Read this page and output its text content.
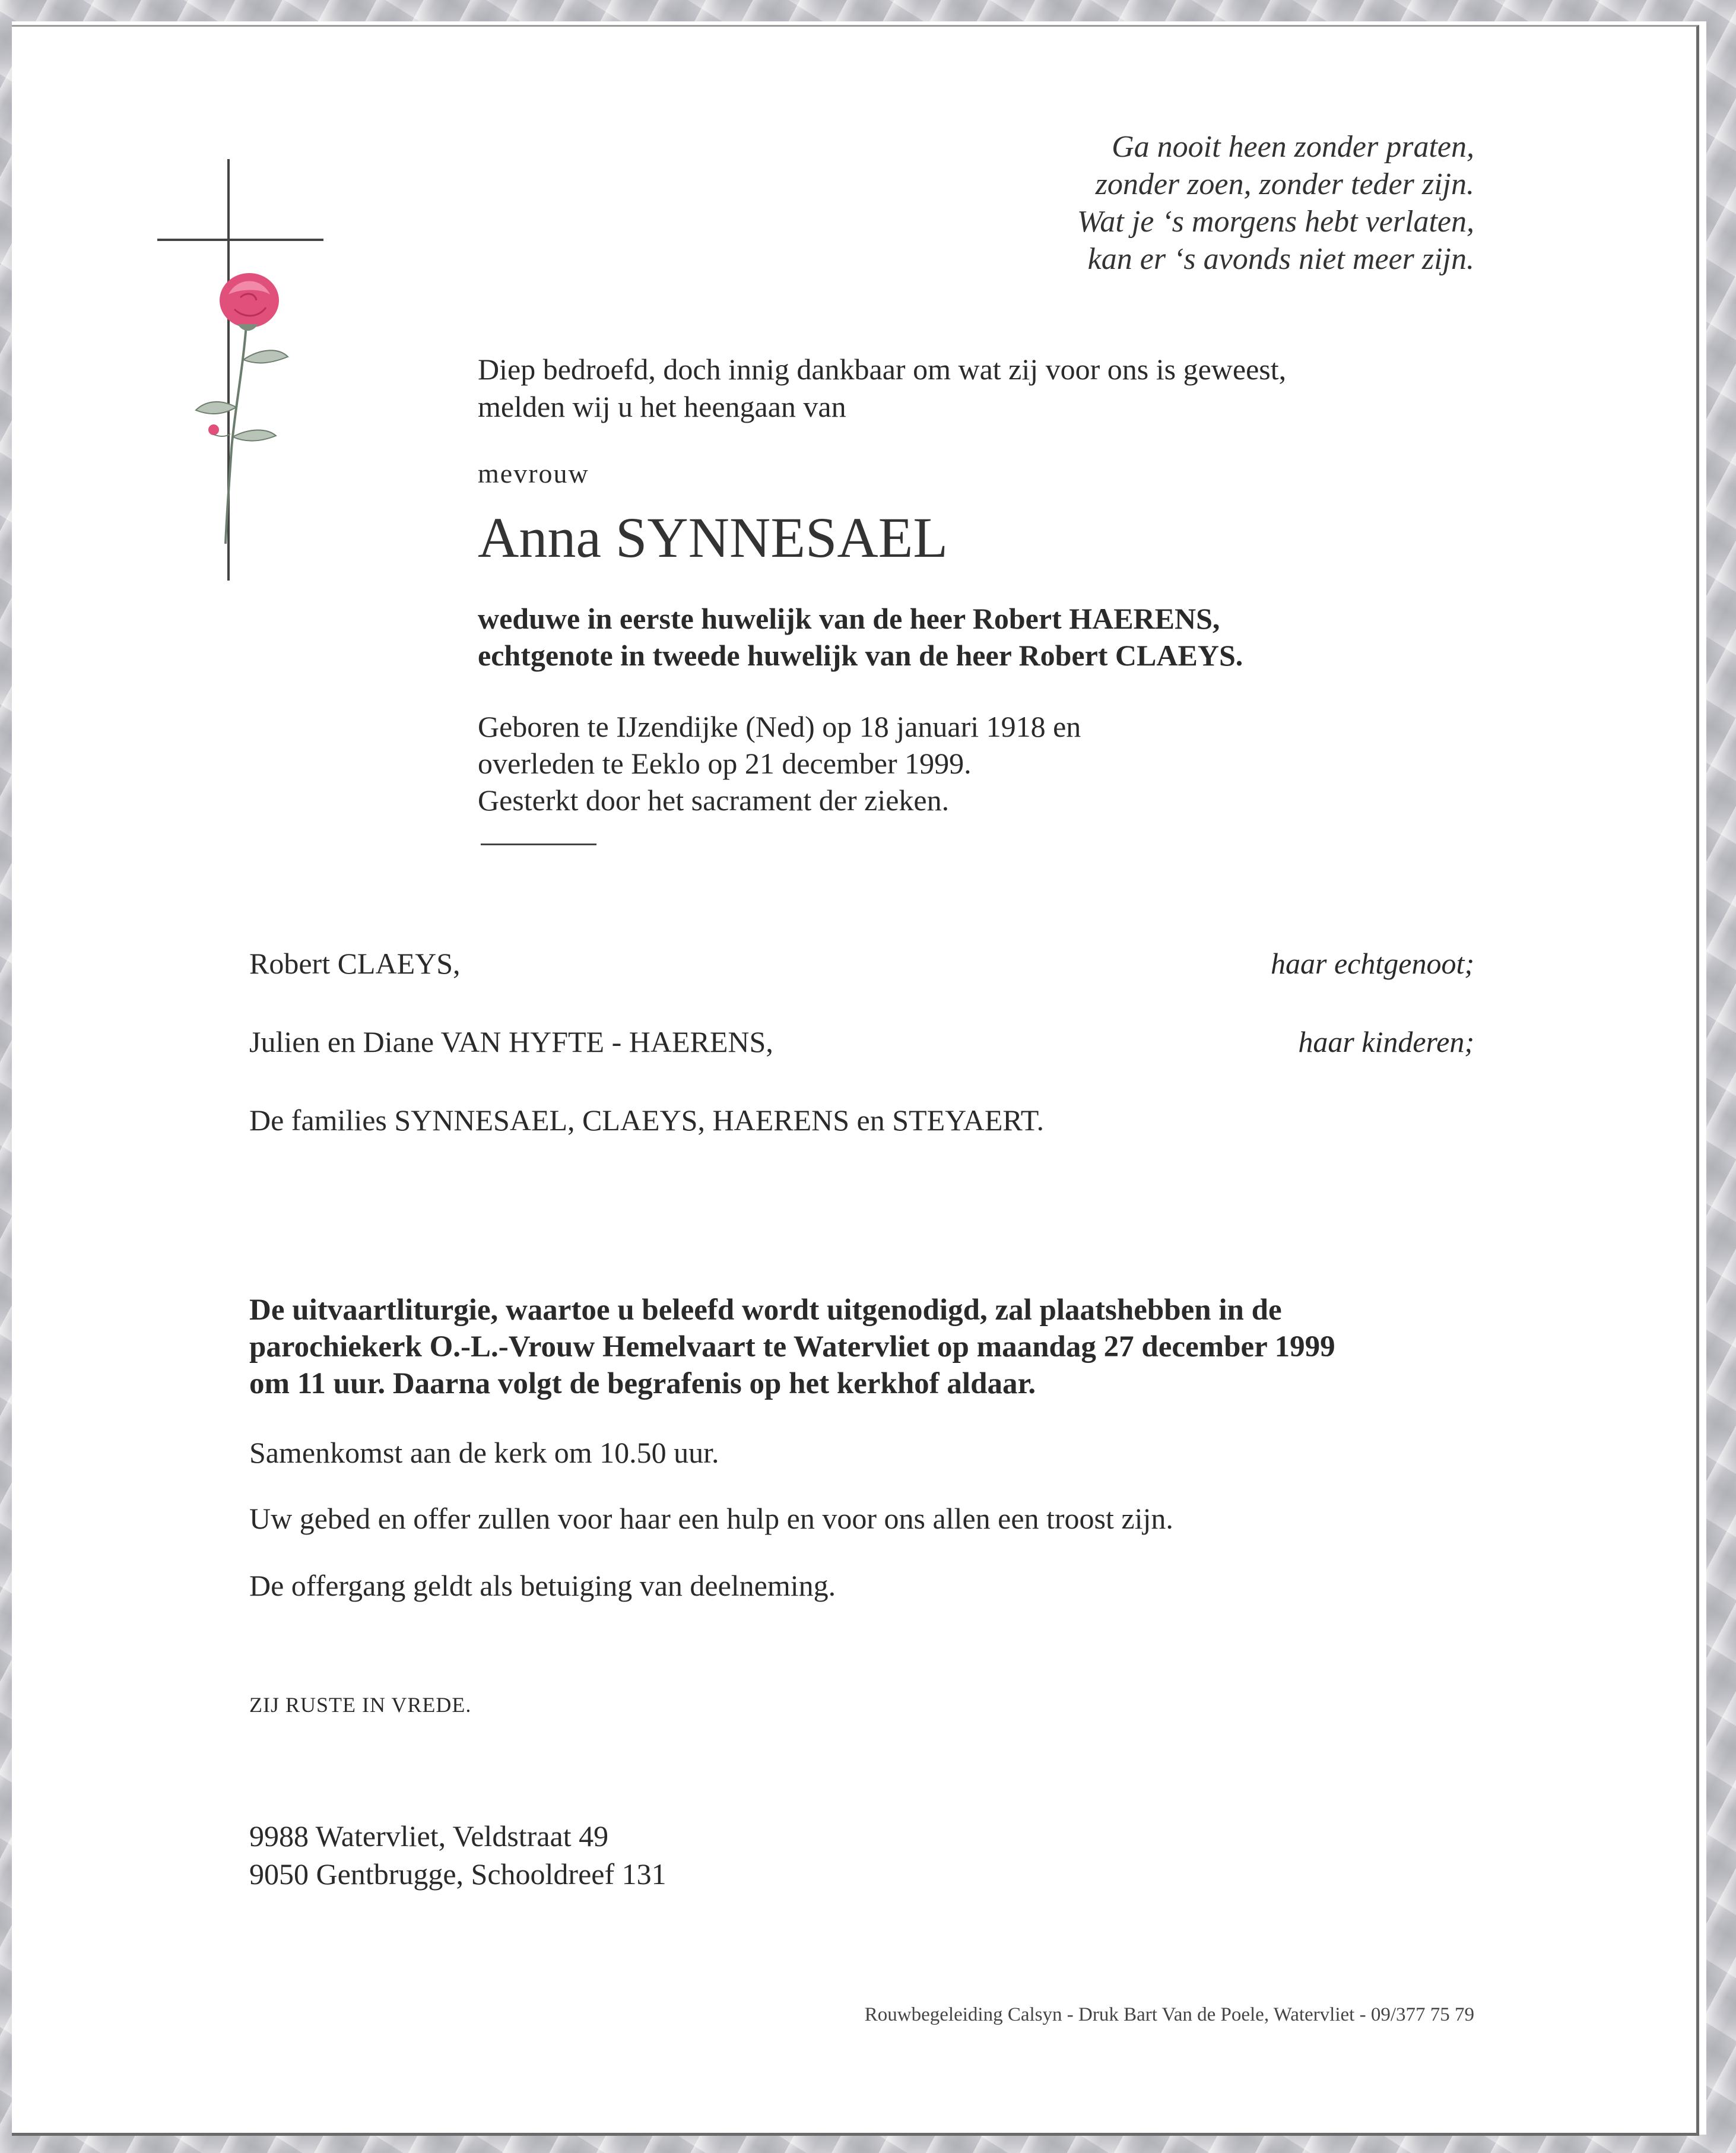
Ga nooit heen zonder praten,
zonder zoen, zonder teder zijn.
Wat je ‘s morgens hebt verlaten,
kan er ‘s avonds niet meer zijn.
Diep bedroefd, doch innig dankbaar om wat zij voor ons is geweest,
melden wij u het heengaan van
mevrouw
Anna SYNNESAEL
weduwe in eerste huwelijk van de heer Robert HAERENS,
echtgenote in tweede huwelijk van de heer Robert CLAEYS.
Geboren te IJzendijke (Ned) op 18 januari 1918 en
overleden te Eeklo op 21 december 1999.
Gesterkt door het sacrament der zieken.
Robert CLAEYS,	haar echtgenoot;
Julien en Diane VAN HYFTE - HAERENS,	haar kinderen;
De families SYNNESAEL, CLAEYS, HAERENS en STEYAERT.
De uitvaartliturgie, waartoe u beleefd wordt uitgenodigd, zal plaatshebben in de
parochiekerk O.-L.-Vrouw Hemelvaart te Watervliet op maandag 27 december 1999
om 11 uur. Daarna volgt de begrafenis op het kerkhof aldaar.
Samenkomst aan de kerk om 10.50 uur.
Uw gebed en offer zullen voor haar een hulp en voor ons allen een troost zijn.
De offergang geldt als betuiging van deelneming.
ZIJ RUSTE IN VREDE.
9988 Watervliet, Veldstraat 49
9050 Gentbrugge, Schooldreef 131
Rouwbegeleiding Calsyn - Druk Bart Van de Poele, Watervliet - 09/377 75 79
